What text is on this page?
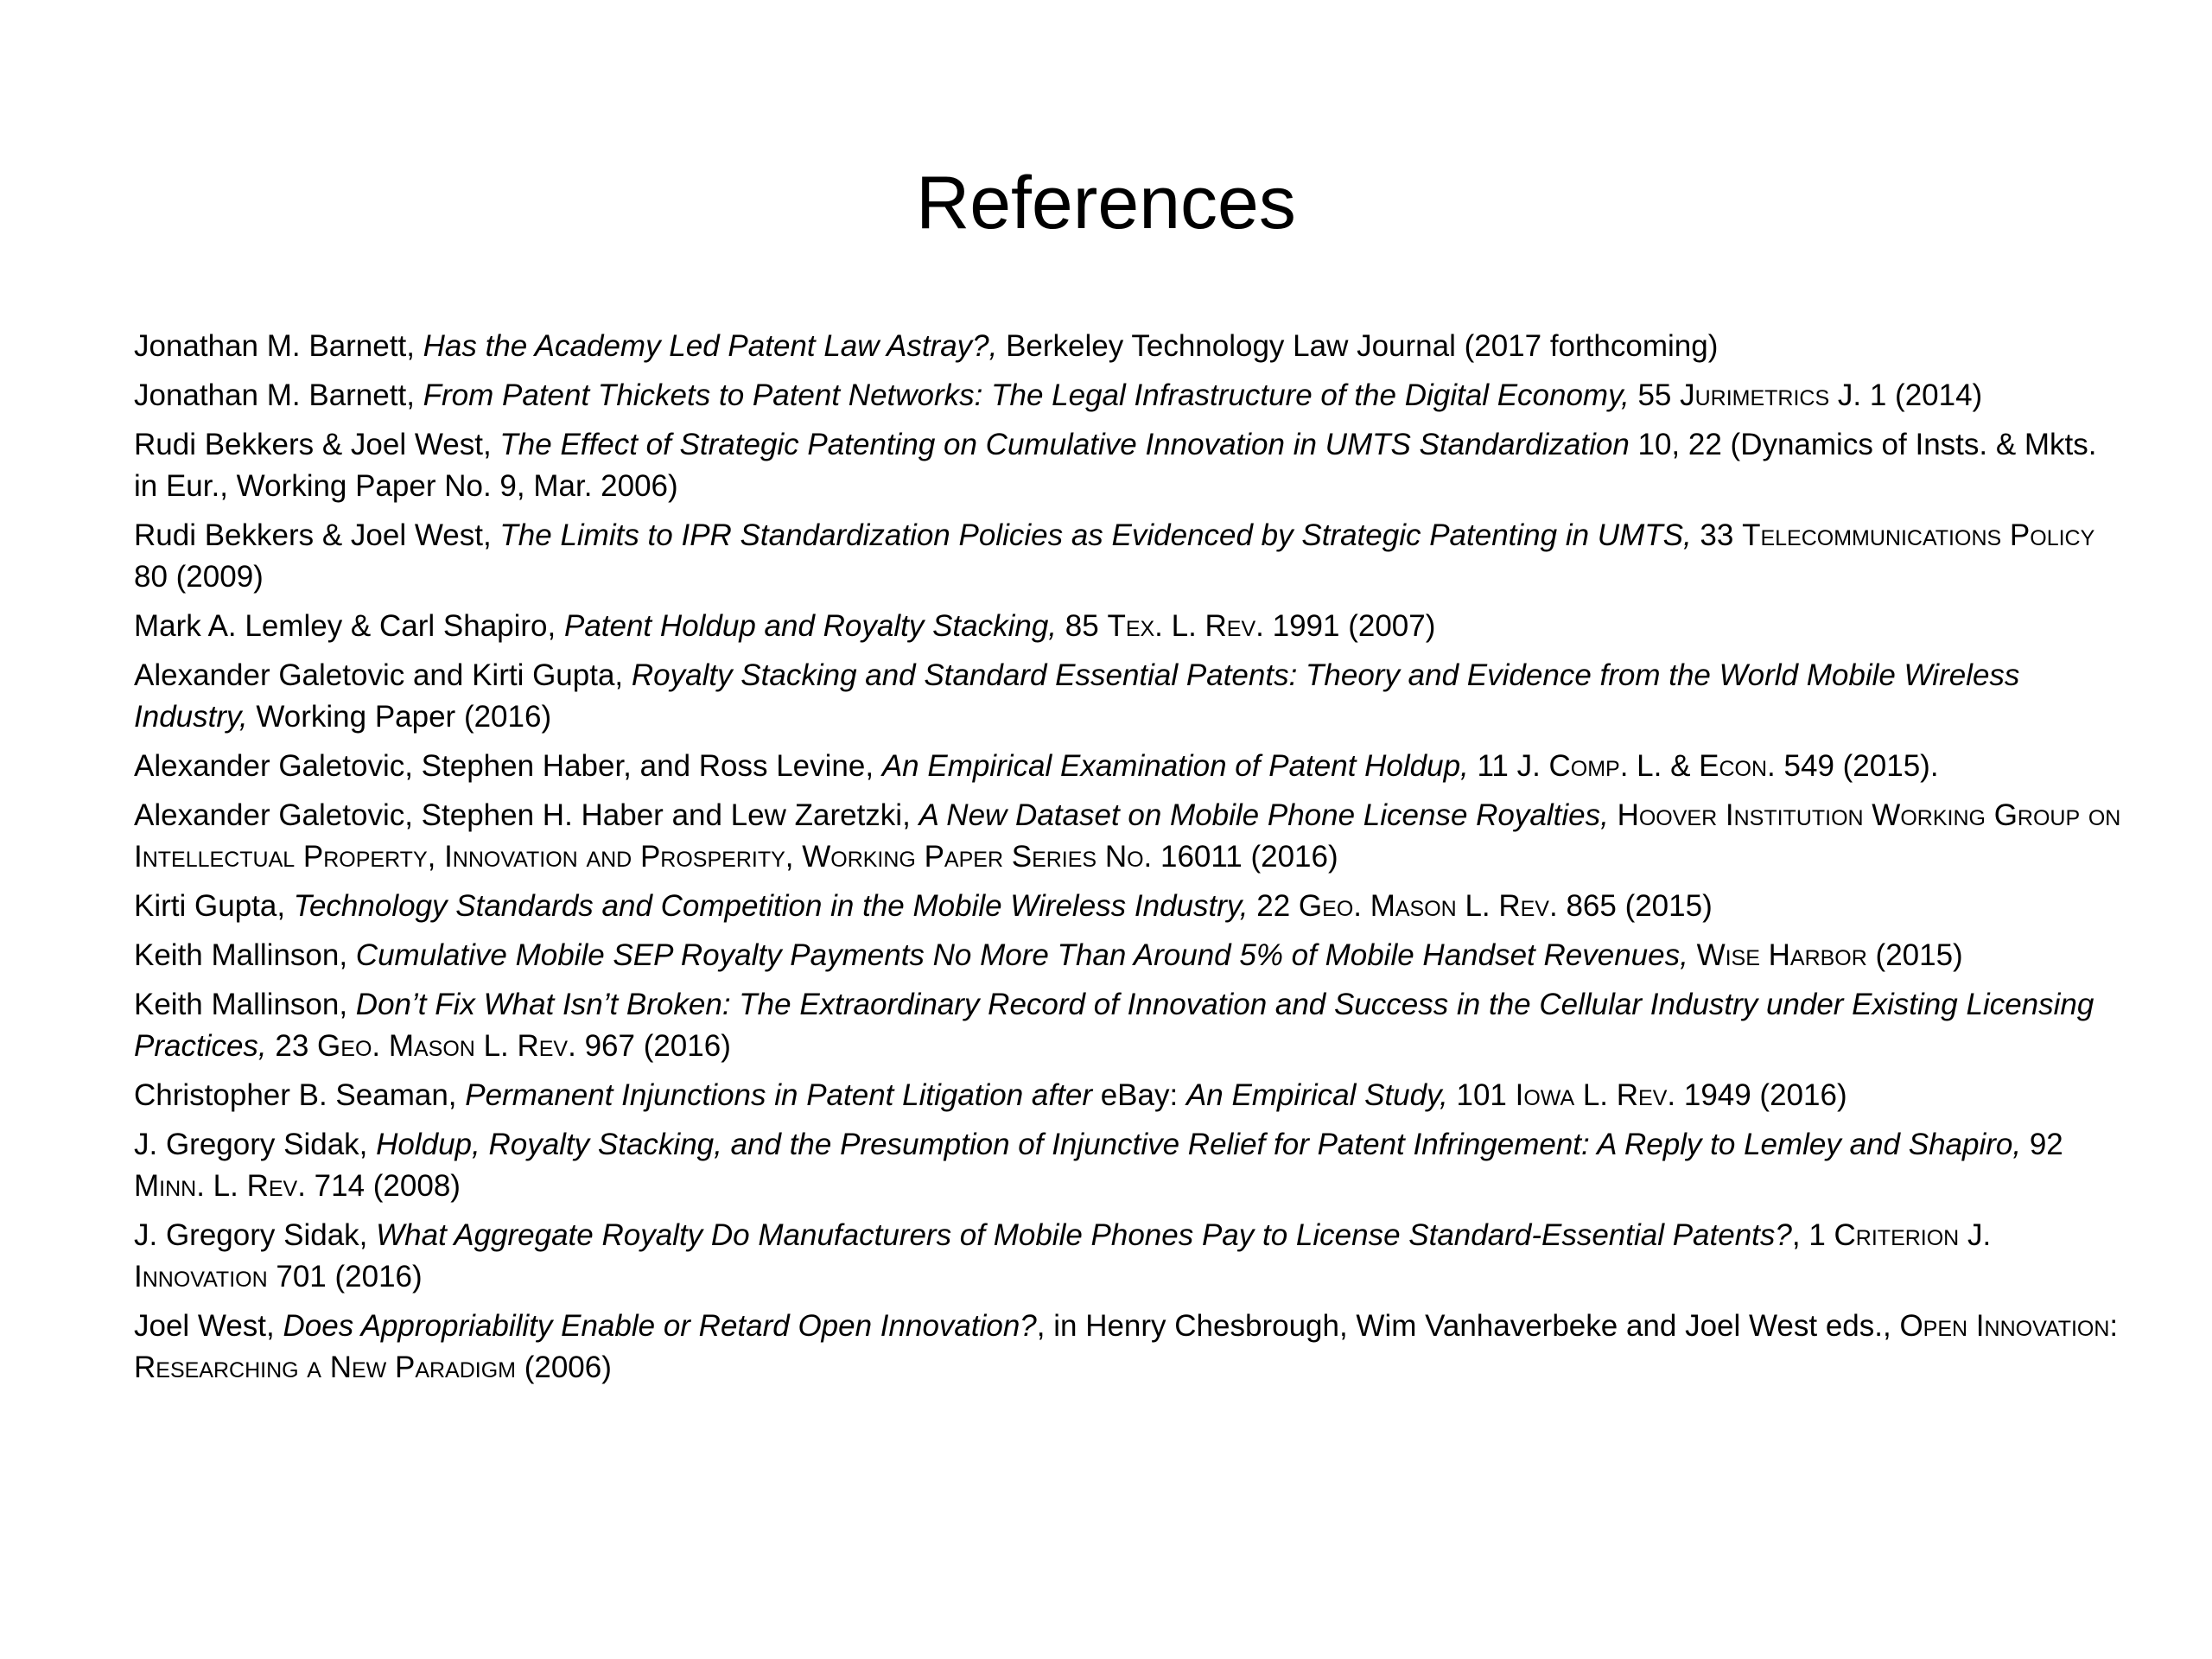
References
Jonathan M. Barnett, Has the Academy Led Patent Law Astray?, Berkeley Technology Law Journal (2017 forthcoming)
Jonathan M. Barnett, From Patent Thickets to Patent Networks: The Legal Infrastructure of the Digital Economy, 55 Jurimetrics J. 1 (2014)
Rudi Bekkers & Joel West, The Effect of Strategic Patenting on Cumulative Innovation in UMTS Standardization 10, 22 (Dynamics of Insts. & Mkts. in Eur., Working Paper No. 9, Mar. 2006)
Rudi Bekkers & Joel West, The Limits to IPR Standardization Policies as Evidenced by Strategic Patenting in UMTS, 33 Telecommunications Policy 80 (2009)
Mark A. Lemley & Carl Shapiro, Patent Holdup and Royalty Stacking, 85 Tex. L. Rev. 1991 (2007)
Alexander Galetovic and Kirti Gupta, Royalty Stacking and Standard Essential Patents: Theory and Evidence from the World Mobile Wireless Industry, Working Paper (2016)
Alexander Galetovic, Stephen Haber, and Ross Levine, An Empirical Examination of Patent Holdup, 11 J. Comp. L. & Econ. 549 (2015).
Alexander Galetovic, Stephen H. Haber and Lew Zaretzki, A New Dataset on Mobile Phone License Royalties, Hoover Institution Working Group on Intellectual Property, Innovation and Prosperity, Working Paper Series No. 16011 (2016)
Kirti Gupta, Technology Standards and Competition in the Mobile Wireless Industry, 22 Geo. Mason L. Rev. 865 (2015)
Keith Mallinson, Cumulative Mobile SEP Royalty Payments No More Than Around 5% of Mobile Handset Revenues, Wise Harbor (2015)
Keith Mallinson, Don’t Fix What Isn’t Broken: The Extraordinary Record of Innovation and Success in the Cellular Industry under Existing Licensing Practices, 23 Geo. Mason L. Rev. 967 (2016)
Christopher B. Seaman, Permanent Injunctions in Patent Litigation after eBay: An Empirical Study, 101 Iowa L. Rev. 1949 (2016)
J. Gregory Sidak, Holdup, Royalty Stacking, and the Presumption of Injunctive Relief for Patent Infringement: A Reply to Lemley and Shapiro, 92 Minn. L. Rev. 714 (2008)
J. Gregory Sidak, What Aggregate Royalty Do Manufacturers of Mobile Phones Pay to License Standard-Essential Patents?, 1 Criterion J. Innovation 701 (2016)
Joel West, Does Appropriability Enable or Retard Open Innovation?, in Henry Chesbrough, Wim Vanhaverbeke and Joel West eds., Open Innovation: Researching a New Paradigm (2006)
